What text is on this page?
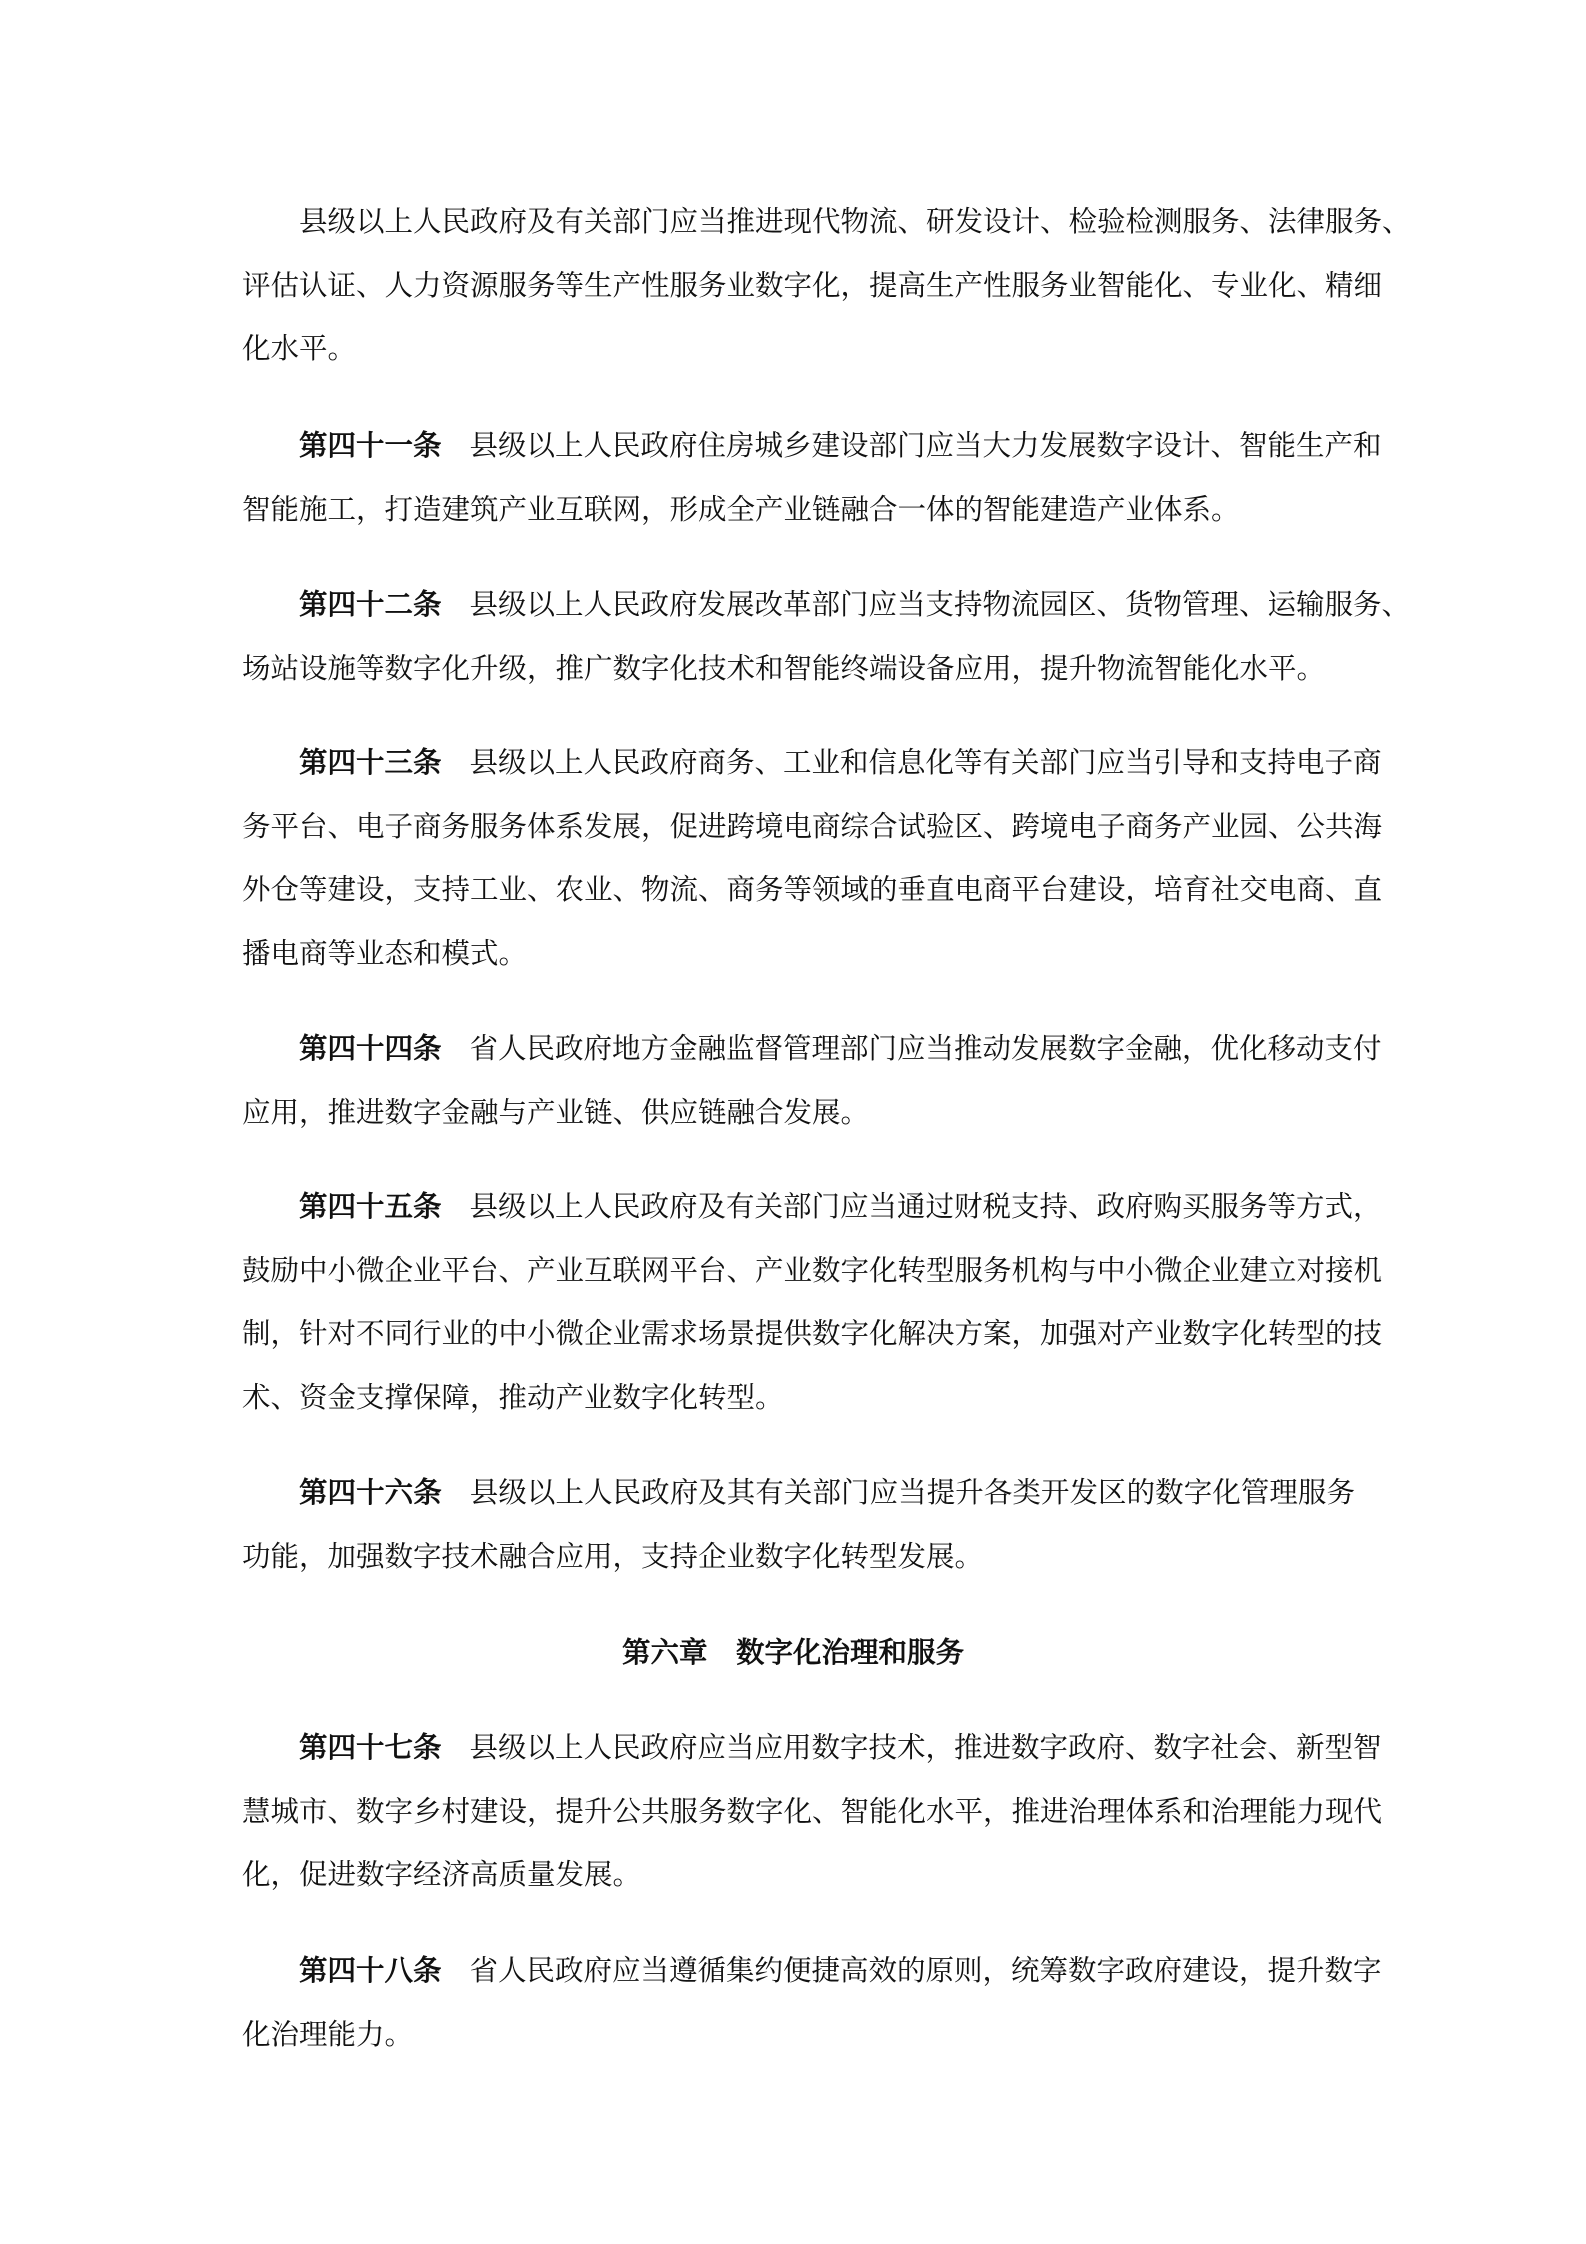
第六章　数字化治理和服务
县级以上人民政府及有关部门应当推进现代物流、研发设计、检验检测服务、法律服务、
评估认证、人力资源服务等生产性服务业数字化，提高生产性服务业智能化、专业化、精细
化水平。
第四十一条 县级以上人民政府住房城乡建设部门应当大力发展数字设计、智能生产和
智能施工，打造建筑产业互联网，形成全产业链融合一体的智能建造产业体系。
第四十二条 县级以上人民政府发展改革部门应当支持物流园区、货物管理、运输服务、
场站设施等数字化升级，推广数字化技术和智能终端设备应用，提升物流智能化水平。
第四十三条 县级以上人民政府商务、工业和信息化等有关部门应当引导和支持电子商
务平台、电子商务服务体系发展，促进跨境电商综合试验区、跨境电子商务产业园、公共海
外仓等建设，支持工业、农业、物流、商务等领域的垂直电商平台建设，培育社交电商、直
播电商等业态和模式。
第四十四条 省人民政府地方金融监督管理部门应当推动发展数字金融，优化移动支付
应用，推进数字金融与产业链、供应链融合发展。
第四十五条 县级以上人民政府及有关部门应当通过财税支持、政府购买服务等方式，
鼓励中小微企业平台、产业互联网平台、产业数字化转型服务机构与中小微企业建立对接机
制，针对不同行业的中小微企业需求场景提供数字化解决方案，加强对产业数字化转型的技
术、资金支撑保障，推动产业数字化转型。
第四十六条 县级以上人民政府及其有关部门应当提升各类开发区的数字化管理服务
功能，加强数字技术融合应用，支持企业数字化转型发展。
第四十七条 县级以上人民政府应当应用数字技术，推进数字政府、数字社会、新型智
慧城市、数字乡村建设，提升公共服务数字化、智能化水平，推进治理体系和治理能力现代
化，促进数字经济高质量发展。
第四十八条 省人民政府应当遵循集约便捷高效的原则，统筹数字政府建设，提升数字
化治理能力。
